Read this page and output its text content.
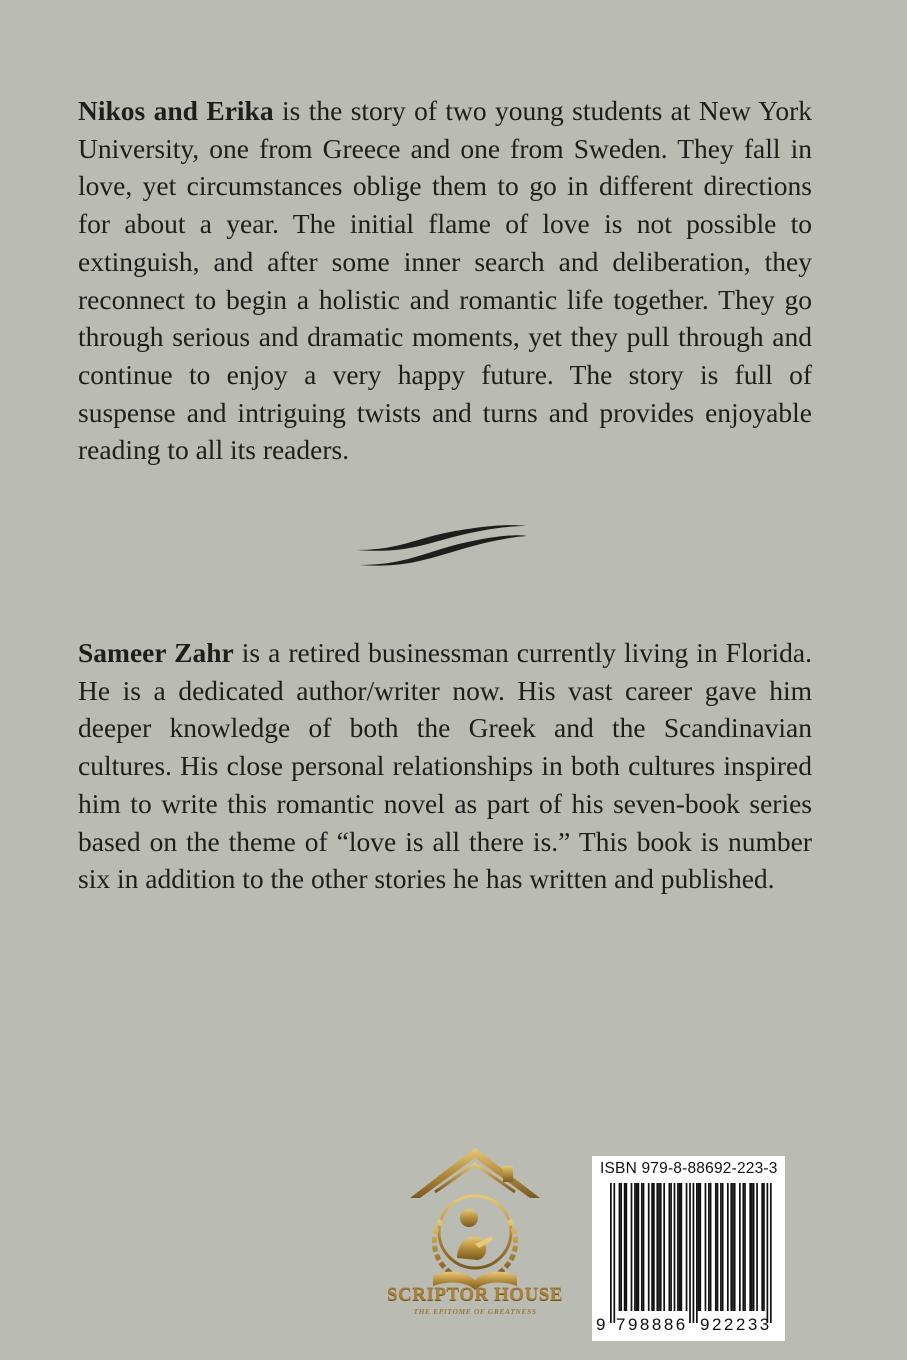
Nikos and Erika is the story of two young students at New York University, one from Greece and one from Sweden. They fall in love, yet circumstances oblige them to go in different directions for about a year. The initial flame of love is not possible to extinguish, and after some inner search and deliberation, they reconnect to begin a holistic and romantic life together. They go through serious and dramatic moments, yet they pull through and continue to enjoy a very happy future. The story is full of suspense and intriguing twists and turns and provides enjoyable reading to all its readers.

Sameer Zahr is a retired businessman currently living in Florida. He is a dedicated author/writer now. His vast career gave him deeper knowledge of both the Greek and the Scandinavian cultures. His close personal relationships in both cultures inspired him to write this romantic novel as part of his seven-book series based on the theme of “love is all there is.” This book is number six in addition to the other stories he has written and published.

SCRIPTOR HOUSE
THE EPITOME OF GREATNESS
ISBN 979-8-88692-223-3
9 798886 922233
